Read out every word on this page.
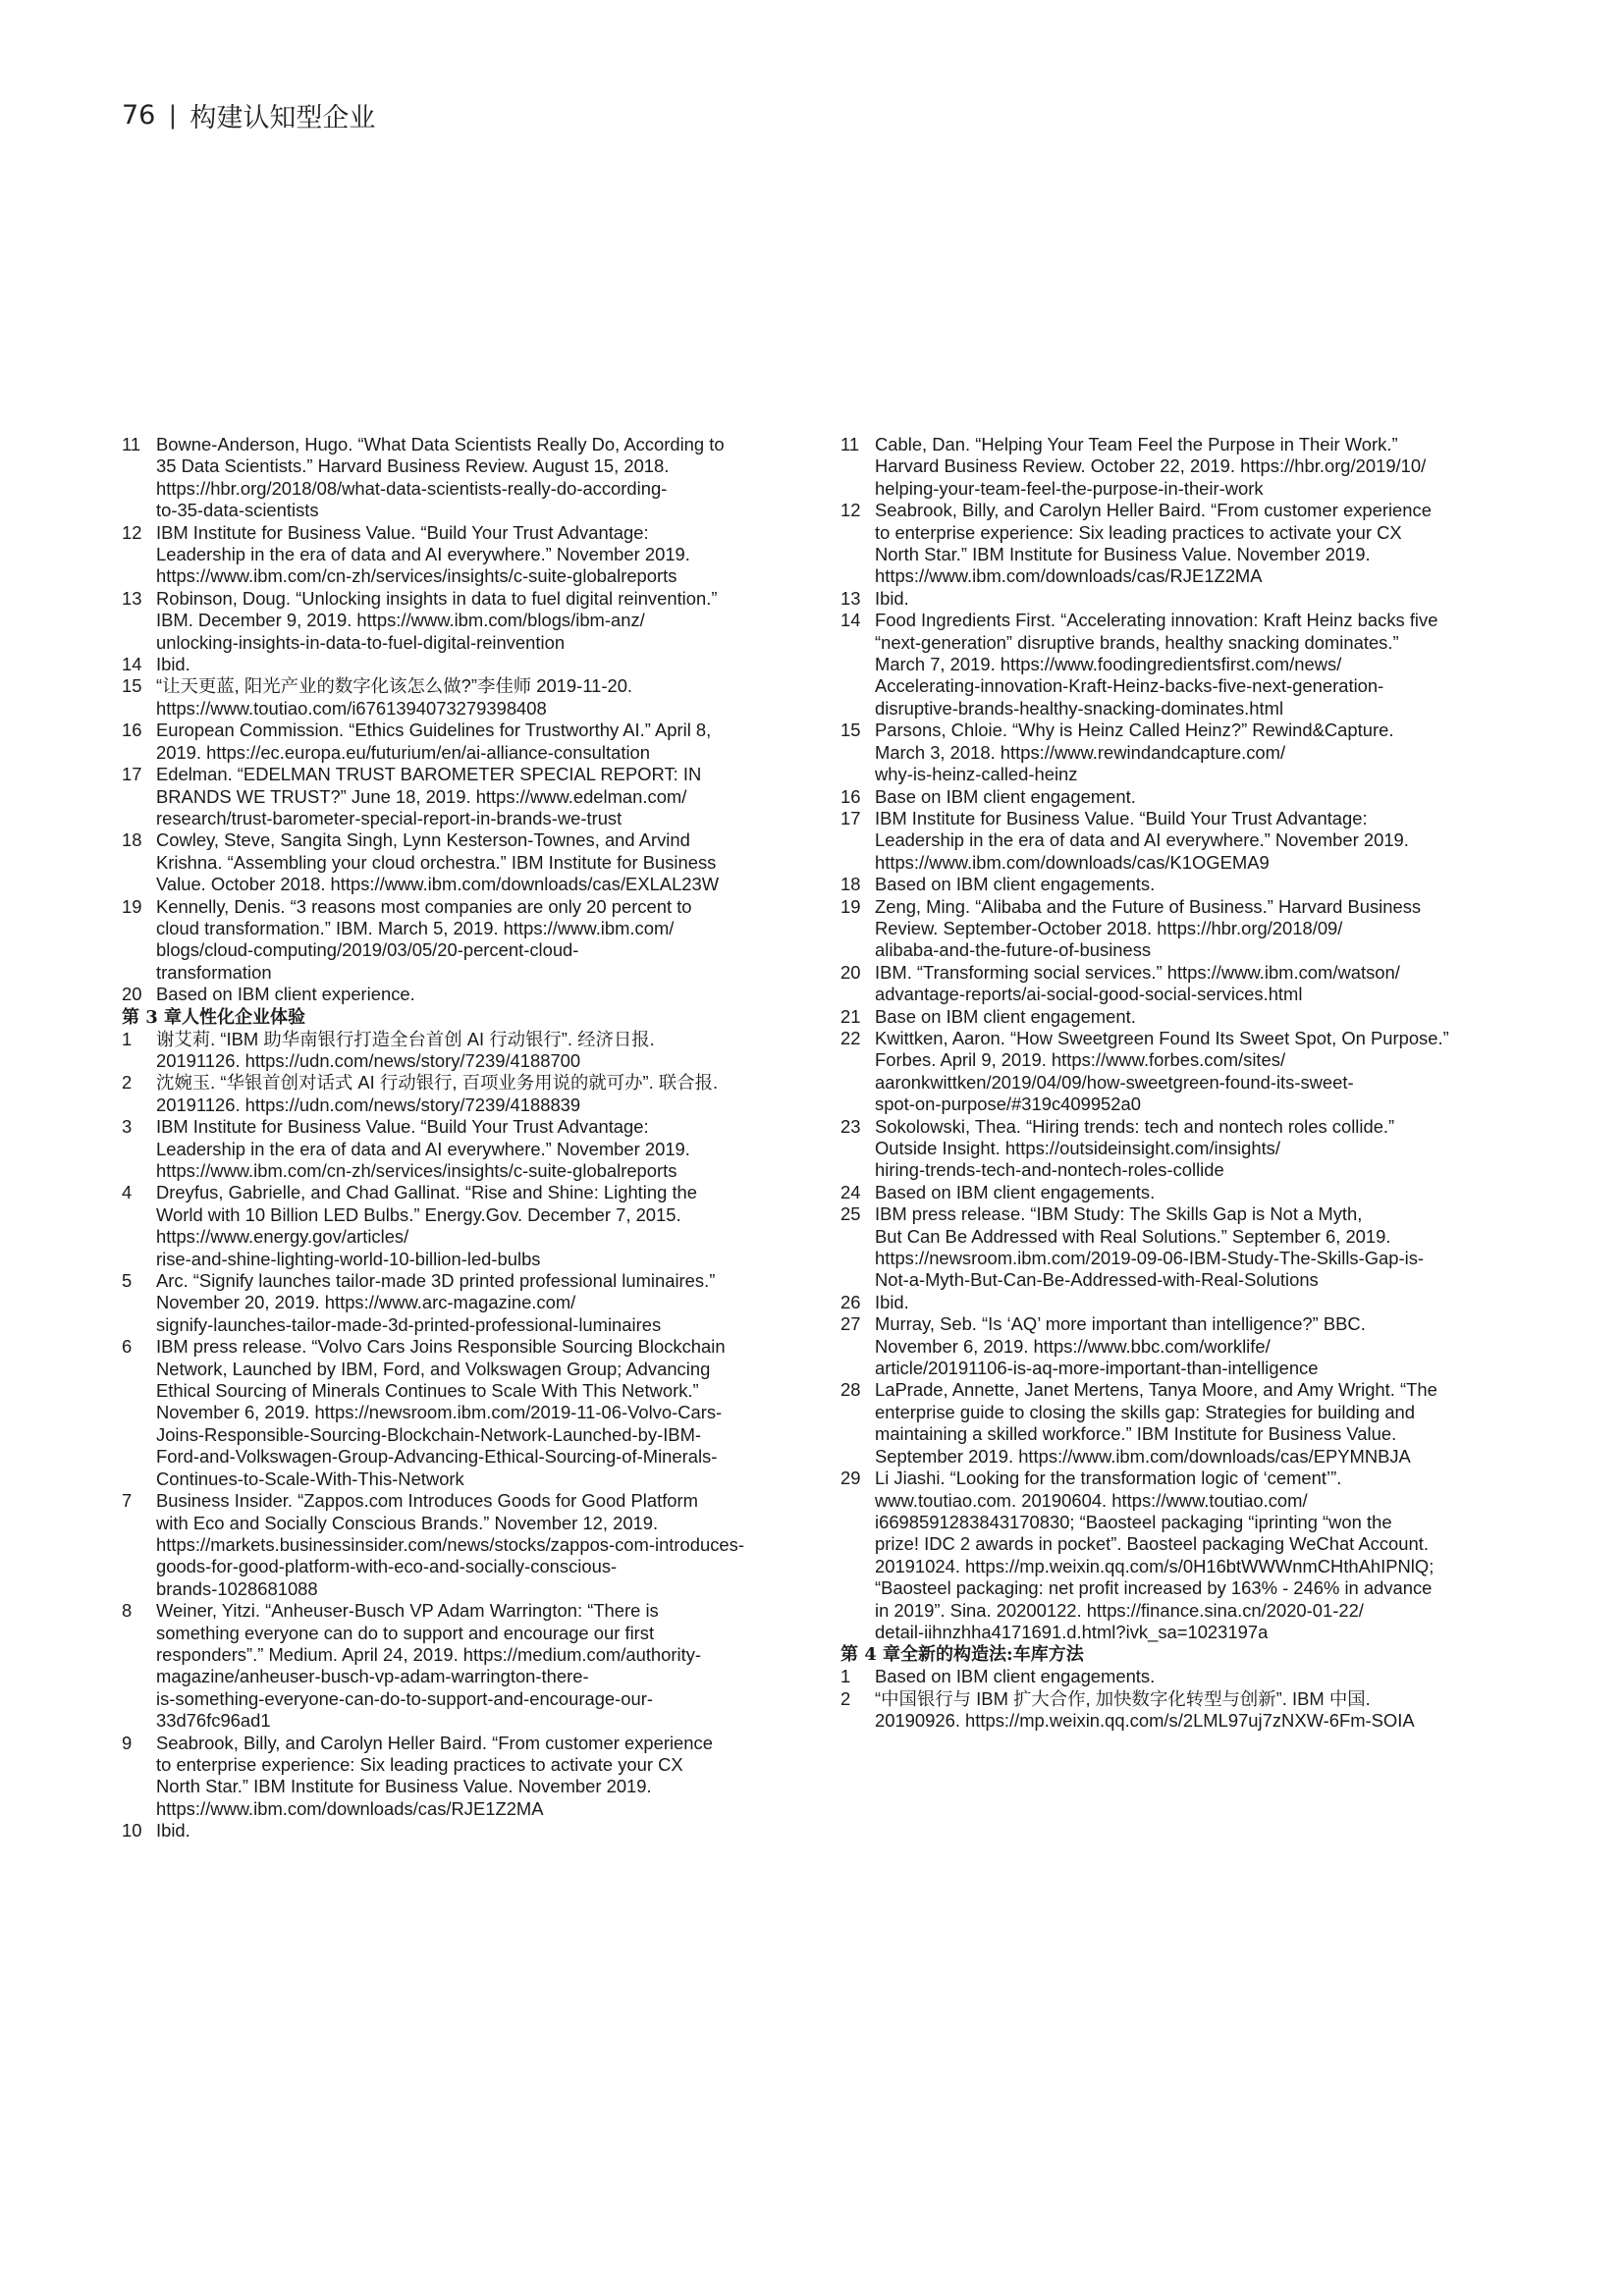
76 | 构建认知型企业
11 Bowne-Anderson, Hugo. “What Data Scientists Really Do, According to
35 Data Scientists.” Harvard Business Review. August 15, 2018.
https://hbr.org/2018/08/what-data-scientists-really-do-according-
to-35-data-scientists
12 IBM Institute for Business Value. “Build Your Trust Advantage:
Leadership in the era of data and AI everywhere.” November 2019.
https://www.ibm.com/cn-zh/services/insights/c-suite-globalreports
13 Robinson, Doug. “Unlocking insights in data to fuel digital reinvention.”
IBM. December 9, 2019. https://www.ibm.com/blogs/ibm-anz/
unlocking-insights-in-data-to-fuel-digital-reinvention
14 Ibid.
15 “让天更蓝, 阳光产业的数字化该怎么做?”李佳师 2019-11-20.
https://www.toutiao.com/i6761394073279398408
16 European Commission. “Ethics Guidelines for Trustworthy AI.” April 8,
2019. https://ec.europa.eu/futurium/en/ai-alliance-consultation
17 Edelman. “EDELMAN TRUST BAROMETER SPECIAL REPORT: IN
BRANDS WE TRUST?” June 18, 2019. https://www.edelman.com/
research/trust-barometer-special-report-in-brands-we-trust
18 Cowley, Steve, Sangita Singh, Lynn Kesterson-Townes, and Arvind
Krishna. “Assembling your cloud orchestra.” IBM Institute for Business
Value. October 2018. https://www.ibm.com/downloads/cas/EXLAL23W
19 Kennelly, Denis. “3 reasons most companies are only 20 percent to
cloud transformation.” IBM. March 5, 2019. https://www.ibm.com/
blogs/cloud-computing/2019/03/05/20-percent-cloud-
transformation
20 Based on IBM client experience.
第 3 章人性化企业体验
1	谢艾莉. “IBM 助华南银行打造全台首创 AI 行动银行”. 经济日报.
20191126. https://udn.com/news/story/7239/4188700
2	沈婉玉. “华银首创对话式 AI 行动银行, 百项业务用说的就可办”. 联合报.
20191126. https://udn.com/news/story/7239/4188839
3	IBM Institute for Business Value. “Build Your Trust Advantage:
Leadership in the era of data and AI everywhere.” November 2019.
https://www.ibm.com/cn-zh/services/insights/c-suite-globalreports
4	Dreyfus, Gabrielle, and Chad Gallinat. “Rise and Shine: Lighting the
World with 10 Billion LED Bulbs.” Energy.Gov. December 7, 2015.
https://www.energy.gov/articles/
rise-and-shine-lighting-world-10-billion-led-bulbs
5	Arc. “Signify launches tailor-made 3D printed professional luminaires.”
November 20, 2019. https://www.arc-magazine.com/
signify-launches-tailor-made-3d-printed-professional-luminaires
6	IBM press release. “Volvo Cars Joins Responsible Sourcing Blockchain
Network, Launched by IBM, Ford, and Volkswagen Group; Advancing
Ethical Sourcing of Minerals Continues to Scale With This Network.”
November 6, 2019. https://newsroom.ibm.com/2019-11-06-Volvo-Cars-
Joins-Responsible-Sourcing-Blockchain-Network-Launched-by-IBM-
Ford-and-Volkswagen-Group-Advancing-Ethical-Sourcing-of-Minerals-
Continues-to-Scale-With-This-Network
7	Business Insider. “Zappos.com Introduces Goods for Good Platform
with Eco and Socially Conscious Brands.” November 12, 2019.
https://markets.businessinsider.com/news/stocks/zappos-com-introduces-
goods-for-good-platform-with-eco-and-socially-conscious-
brands-1028681088
8	Weiner, Yitzi. “Anheuser-Busch VP Adam Warrington: “There is
something everyone can do to support and encourage our first
responders”.” Medium. April 24, 2019. https://medium.com/authority-
magazine/anheuser-busch-vp-adam-warrington-there-
is-something-everyone-can-do-to-support-and-encourage-our-
33d76fc96ad1
9	Seabrook, Billy, and Carolyn Heller Baird. “From customer experience
to enterprise experience: Six leading practices to activate your CX
North Star.” IBM Institute for Business Value. November 2019.
https://www.ibm.com/downloads/cas/RJE1Z2MA
10 Ibid.
11 Cable, Dan. “Helping Your Team Feel the Purpose in Their Work.”
Harvard Business Review. October 22, 2019. https://hbr.org/2019/10/
helping-your-team-feel-the-purpose-in-their-work
12 Seabrook, Billy, and Carolyn Heller Baird. “From customer experience
to enterprise experience: Six leading practices to activate your CX
North Star.” IBM Institute for Business Value. November 2019.
https://www.ibm.com/downloads/cas/RJE1Z2MA
13 Ibid.
14 Food Ingredients First. “Accelerating innovation: Kraft Heinz backs five
“next-generation” disruptive brands, healthy snacking dominates.”
March 7, 2019. https://www.foodingredientsfirst.com/news/
Accelerating-innovation-Kraft-Heinz-backs-five-next-generation-
disruptive-brands-healthy-snacking-dominates.html
15 Parsons, Chloie. “Why is Heinz Called Heinz?” Rewind&Capture.
March 3, 2018. https://www.rewindandcapture.com/
why-is-heinz-called-heinz
16 Base on IBM client engagement.
17 IBM Institute for Business Value. “Build Your Trust Advantage:
Leadership in the era of data and AI everywhere.” November 2019.
https://www.ibm.com/downloads/cas/K1OGEMA9
18 Based on IBM client engagements.
19 Zeng, Ming. “Alibaba and the Future of Business.” Harvard Business
Review. September-October 2018. https://hbr.org/2018/09/
alibaba-and-the-future-of-business
20 IBM. “Transforming social services.” https://www.ibm.com/watson/
advantage-reports/ai-social-good-social-services.html
21 Base on IBM client engagement.
22 Kwittken, Aaron. “How Sweetgreen Found Its Sweet Spot, On Purpose.”
Forbes. April 9, 2019. https://www.forbes.com/sites/
aaronkwittken/2019/04/09/how-sweetgreen-found-its-sweet-
spot-on-purpose/#319c409952a0
23 Sokolowski, Thea. “Hiring trends: tech and nontech roles collide.”
Outside Insight. https://outsideinsight.com/insights/
hiring-trends-tech-and-nontech-roles-collide
24 Based on IBM client engagements.
25 IBM press release. “IBM Study: The Skills Gap is Not a Myth,
But Can Be Addressed with Real Solutions.” September 6, 2019.
https://newsroom.ibm.com/2019-09-06-IBM-Study-The-Skills-Gap-is-
Not-a-Myth-But-Can-Be-Addressed-with-Real-Solutions
26 Ibid.
27 Murray, Seb. “Is ‘AQ’ more important than intelligence?” BBC.
November 6, 2019. https://www.bbc.com/worklife/
article/20191106-is-aq-more-important-than-intelligence
28 LaPrade, Annette, Janet Mertens, Tanya Moore, and Amy Wright. “The
enterprise guide to closing the skills gap: Strategies for building and
maintaining a skilled workforce.” IBM Institute for Business Value.
September 2019. https://www.ibm.com/downloads/cas/EPYMNBJA
29 Li Jiashi. “Looking for the transformation logic of ‘cement’”.
www.toutiao.com. 20190604. https://www.toutiao.com/
i6698591283843170830; “Baosteel packaging “iprinting “won the
prize! IDC 2 awards in pocket”. Baosteel packaging WeChat Account.
20191024. https://mp.weixin.qq.com/s/0H16btWWWnmCHthAhIPNlQ;
“Baosteel packaging: net profit increased by 163% - 246% in advance
in 2019”. Sina. 20200122. https://finance.sina.cn/2020-01-22/
detail-iihnzhha4171691.d.html?ivk_sa=1023197a
第 4 章全新的构造法:车库方法
1	Based on IBM client engagements.
2	“中国银行与 IBM 扩大合作, 加快数字化转型与创新”. IBM 中国.
20190926. https://mp.weixin.qq.com/s/2LML97uj7zNXW-6Fm-SOIA
